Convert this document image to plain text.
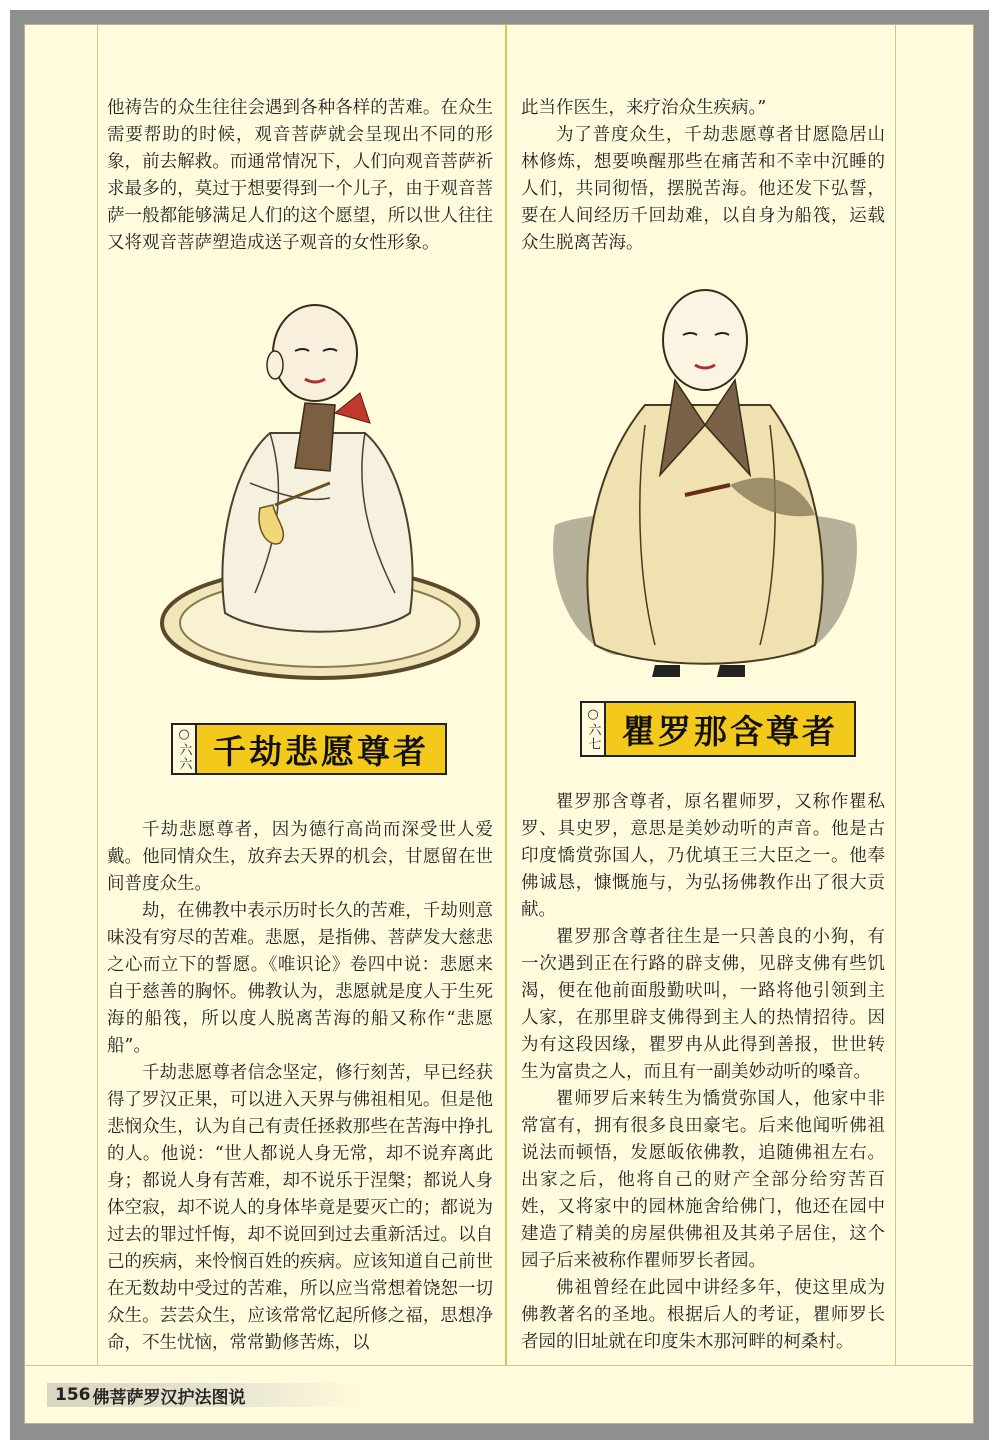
他祷告的众生往往会遇到各种各样的苦难。在众生需要帮助的时候，观音菩萨就会呈现出不同的形象，前去解救。而通常情况下，人们向观音菩萨祈求最多的，莫过于想要得到一个儿子，由于观音菩萨一般都能够满足人们的这个愿望，所以世人往往又将观音菩萨塑造成送子观音的女性形象。

○六六 千劫悲愿尊者

千劫悲愿尊者，因为德行高尚而深受世人爱戴。他同情众生，放弃去天界的机会，甘愿留在世间普度众生。

劫，在佛教中表示历时长久的苦难，千劫则意味没有穷尽的苦难。悲愿，是指佛、菩萨发大慈悲之心而立下的誓愿。《唯识论》卷四中说：悲愿来自于慈善的胸怀。佛教认为，悲愿就是度人于生死海的船筏，所以度人脱离苦海的船又称作“悲愿船”。

千劫悲愿尊者信念坚定，修行刻苦，早已经获得了罗汉正果，可以进入天界与佛祖相见。但是他悲悯众生，认为自己有责任拯救那些在苦海中挣扎的人。他说：“世人都说人身无常，却不说弃离此身；都说人身有苦难，却不说乐于涅槃；都说人身体空寂，却不说人的身体毕竟是要灭亡的；都说为过去的罪过忏悔，却不说回到过去重新活过。以自己的疾病，来怜悯百姓的疾病。应该知道自己前世在无数劫中受过的苦难，所以应当常想着饶恕一切众生。芸芸众生，应该常常忆起所修之福，思想净命，不生忧恼，常常勤修苦炼，以

此当作医生，来疗治众生疾病。”

为了普度众生，千劫悲愿尊者甘愿隐居山林修炼，想要唤醒那些在痛苦和不幸中沉睡的人们，共同彻悟，摆脱苦海。他还发下弘誓，要在人间经历千回劫难，以自身为船筏，运载众生脱离苦海。

○六七 瞿罗那含尊者

瞿罗那含尊者，原名瞿师罗，又称作瞿私罗、具史罗，意思是美妙动听的声音。他是古印度憍赏弥国人，乃优填王三大臣之一。他奉佛诚恳，慷慨施与，为弘扬佛教作出了很大贡献。

瞿罗那含尊者往生是一只善良的小狗，有一次遇到正在行路的辟支佛，见辟支佛有些饥渴，便在他前面殷勤吠叫，一路将他引领到主人家，在那里辟支佛得到主人的热情招待。因为有这段因缘，瞿罗冉从此得到善报，世世转生为富贵之人，而且有一副美妙动听的嗓音。

瞿师罗后来转生为憍赏弥国人，他家中非常富有，拥有很多良田豪宅。后来他闻听佛祖说法而顿悟，发愿皈依佛教，追随佛祖左右。出家之后，他将自己的财产全部分给穷苦百姓，又将家中的园林施舍给佛门，他还在园中建造了精美的房屋供佛祖及其弟子居住，这个园子后来被称作瞿师罗长者园。

佛祖曾经在此园中讲经多年，使这里成为佛教著名的圣地。根据后人的考证，瞿师罗长者园的旧址就在印度朱木那河畔的柯桑村。

156 佛菩萨罗汉护法图说
